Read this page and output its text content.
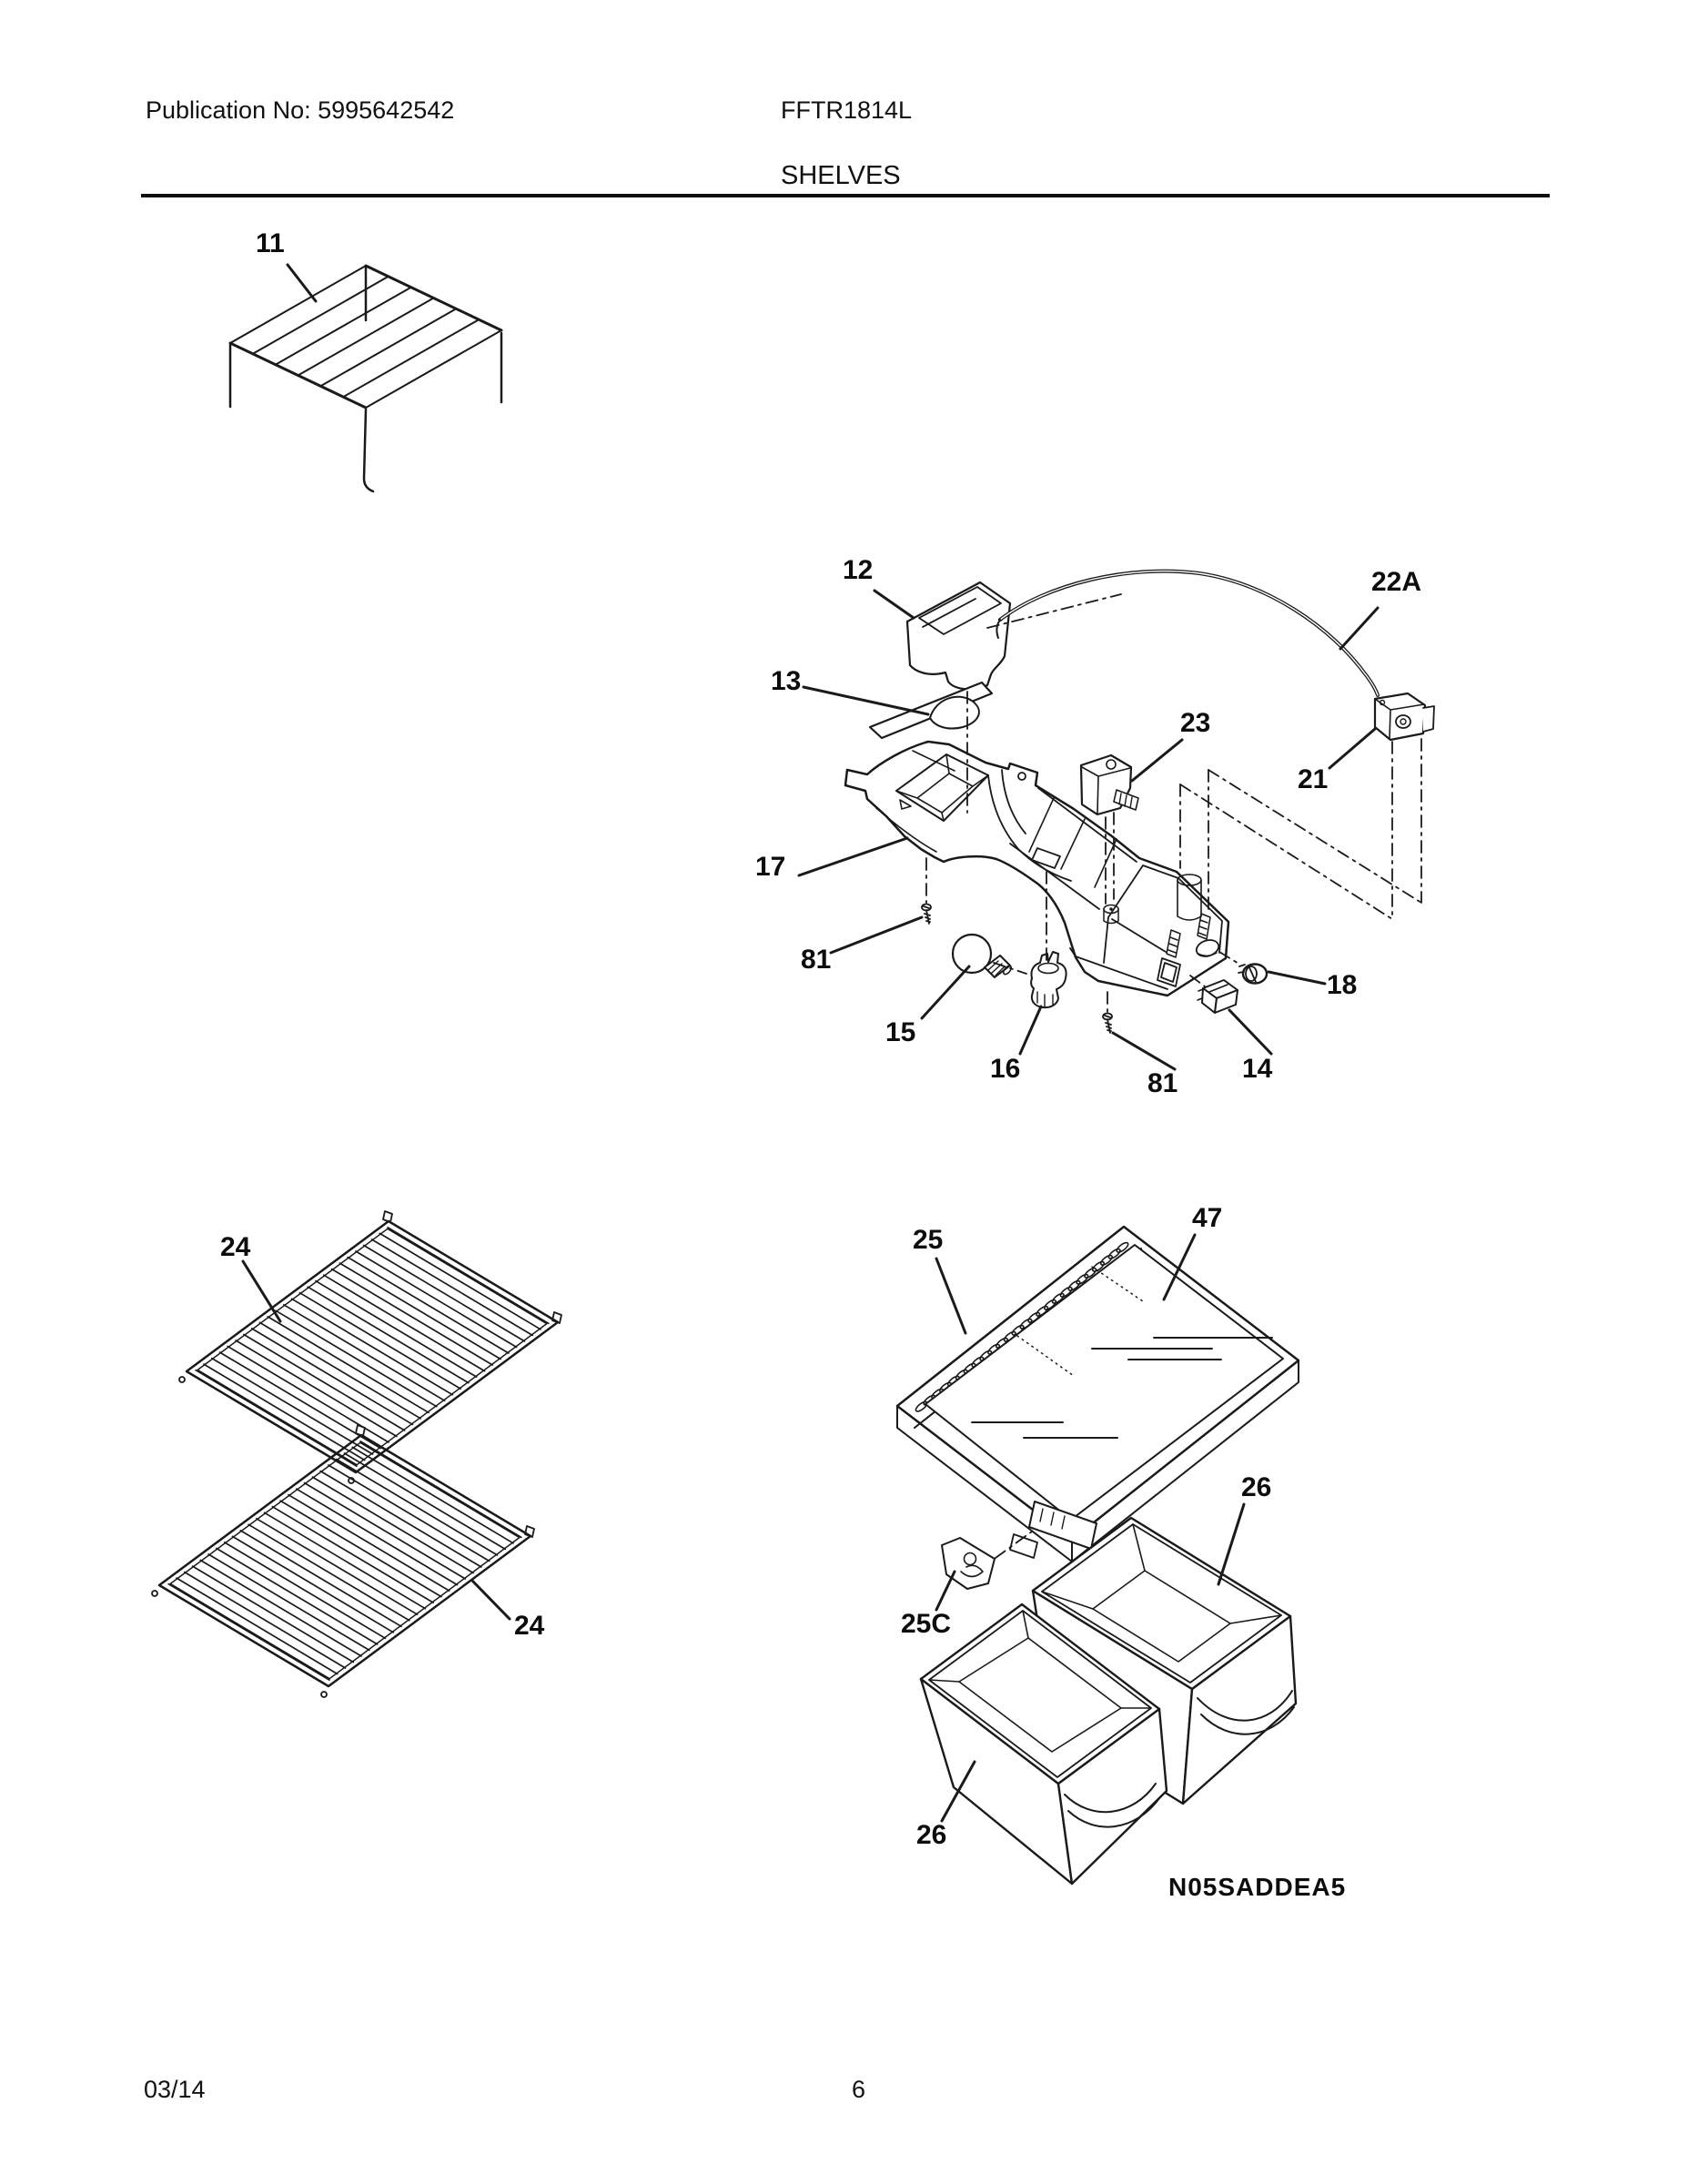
Publication No: 5995642542	FFTR1814L
SHELVES
11
12
13
22A
23
21
17
81
15
16	81 14
18
24
24
25
47
25C
26
26
N05SADDEA5
03/14	6
